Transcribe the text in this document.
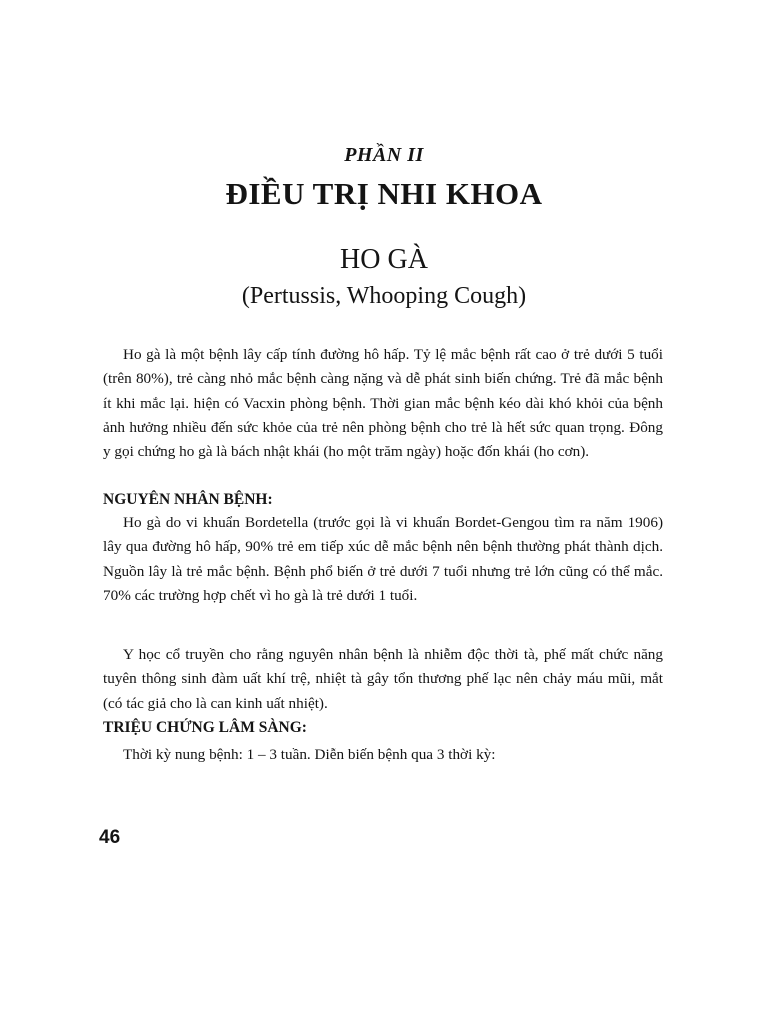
PHẦN II
ĐIỀU TRỊ NHI KHOA
HO GÀ
(Pertussis, Whooping Cough)

Ho gà là một bệnh lây cấp tính đường hô hấp. Tỷ lệ mắc bệnh rất cao ở trẻ dưới 5 tuổi (trên 80%), trẻ càng nhỏ mắc bệnh càng nặng và dễ phát sinh biến chứng. Trẻ đã mắc bệnh ít khi mắc lại. hiện có Vacxin phòng bệnh. Thời gian mắc bệnh kéo dài khó khỏi của bệnh ảnh hưởng nhiều đến sức khỏe của trẻ nên phòng bệnh cho trẻ là hết sức quan trọng. Đông y gọi chứng ho gà là bách nhật khái (ho một trăm ngày) hoặc đốn khái (ho cơn).

NGUYÊN NHÂN BỆNH:

Ho gà do vi khuẩn Bordetella (trước gọi là vi khuẩn Bordet-Gengou tìm ra năm 1906) lây qua đường hô hấp, 90% trẻ em tiếp xúc dễ mắc bệnh nên bệnh thường phát thành dịch. Nguồn lây là trẻ mắc bệnh. Bệnh phổ biến ở trẻ dưới 7 tuổi nhưng trẻ lớn cũng có thể mắc. 70% các trường hợp chết vì ho gà là trẻ dưới 1 tuổi.

Y học cổ truyền cho rằng nguyên nhân bệnh là nhiễm độc thời tà, phế mất chức năng tuyên thông sinh đàm uất khí trệ, nhiệt tà gây tổn thương phế lạc nên chảy máu mũi, mắt (có tác giả cho là can kinh uất nhiệt).

TRIỆU CHỨNG LÂM SÀNG:

Thời kỳ nung bệnh: 1 – 3 tuần. Diễn biến bệnh qua 3 thời kỳ:

46
